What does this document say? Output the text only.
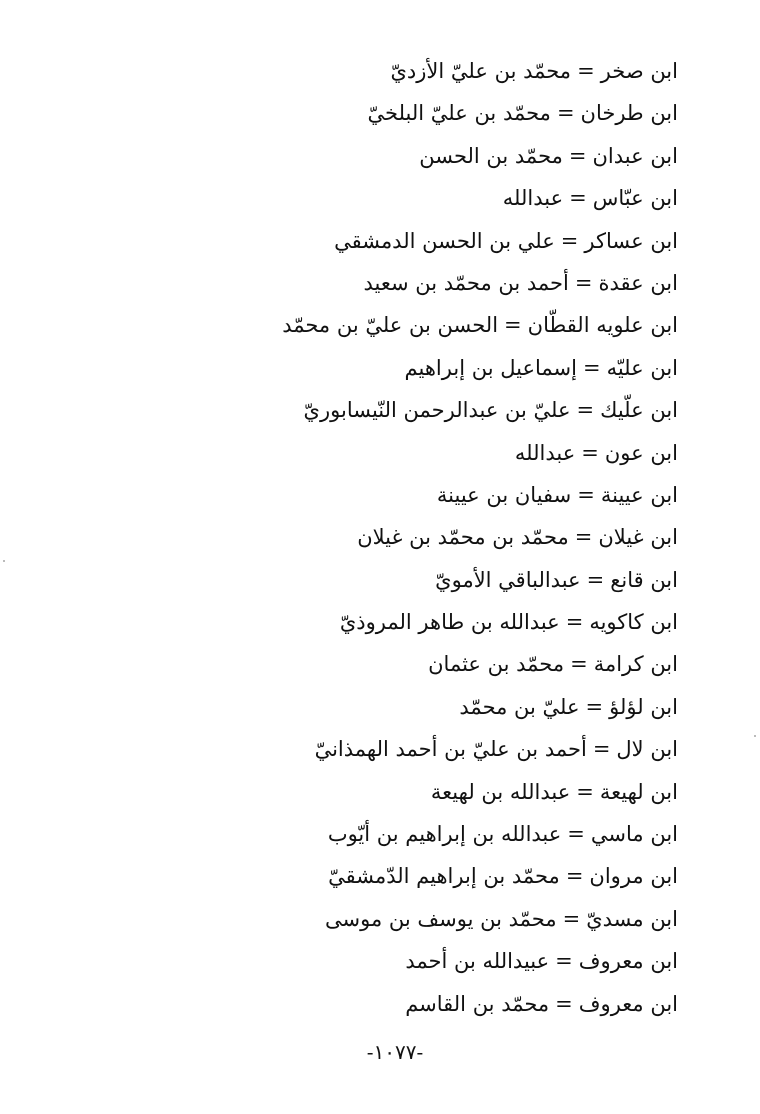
ابن صخر=محمّد بن عليّ الأزديّ
ابن طرخان=محمّد بن عليّ البلخيّ
ابن عبدان=محمّد بن الحسن
ابن عبّاس=عبدالله
ابن عساكر=علي بن الحسن الدمشقي
ابن عقدة=أحمد بن محمّد بن سعيد
ابن علويه القطّان=الحسن بن عليّ بن محمّد
ابن عليّه=إسماعيل بن إبراهيم
ابن علّيك=عليّ بن عبدالرحمن النّيسابوريّ
ابن عون=عبدالله
ابن عيينة=سفيان بن عيينة
ابن غيلان=محمّد بن محمّد بن غيلان
ابن قانع=عبدالباقي الأمويّ
ابن كاكويه=عبدالله بن طاهر المروذيّ
ابن كرامة=محمّد بن عثمان
ابن لؤلؤ=عليّ بن محمّد
ابن لال=أحمد بن عليّ بن أحمد الهمذانيّ
ابن لهيعة=عبدالله بن لهيعة
ابن ماسي=عبدالله بن إبراهيم بن أيّوب
ابن مروان=محمّد بن إبراهيم الدّمشقيّ
ابن مسديّ=محمّد بن يوسف بن موسى
ابن معروف=عبيدالله بن أحمد
ابن معروف=محمّد بن القاسم
-١٠٧٧-
